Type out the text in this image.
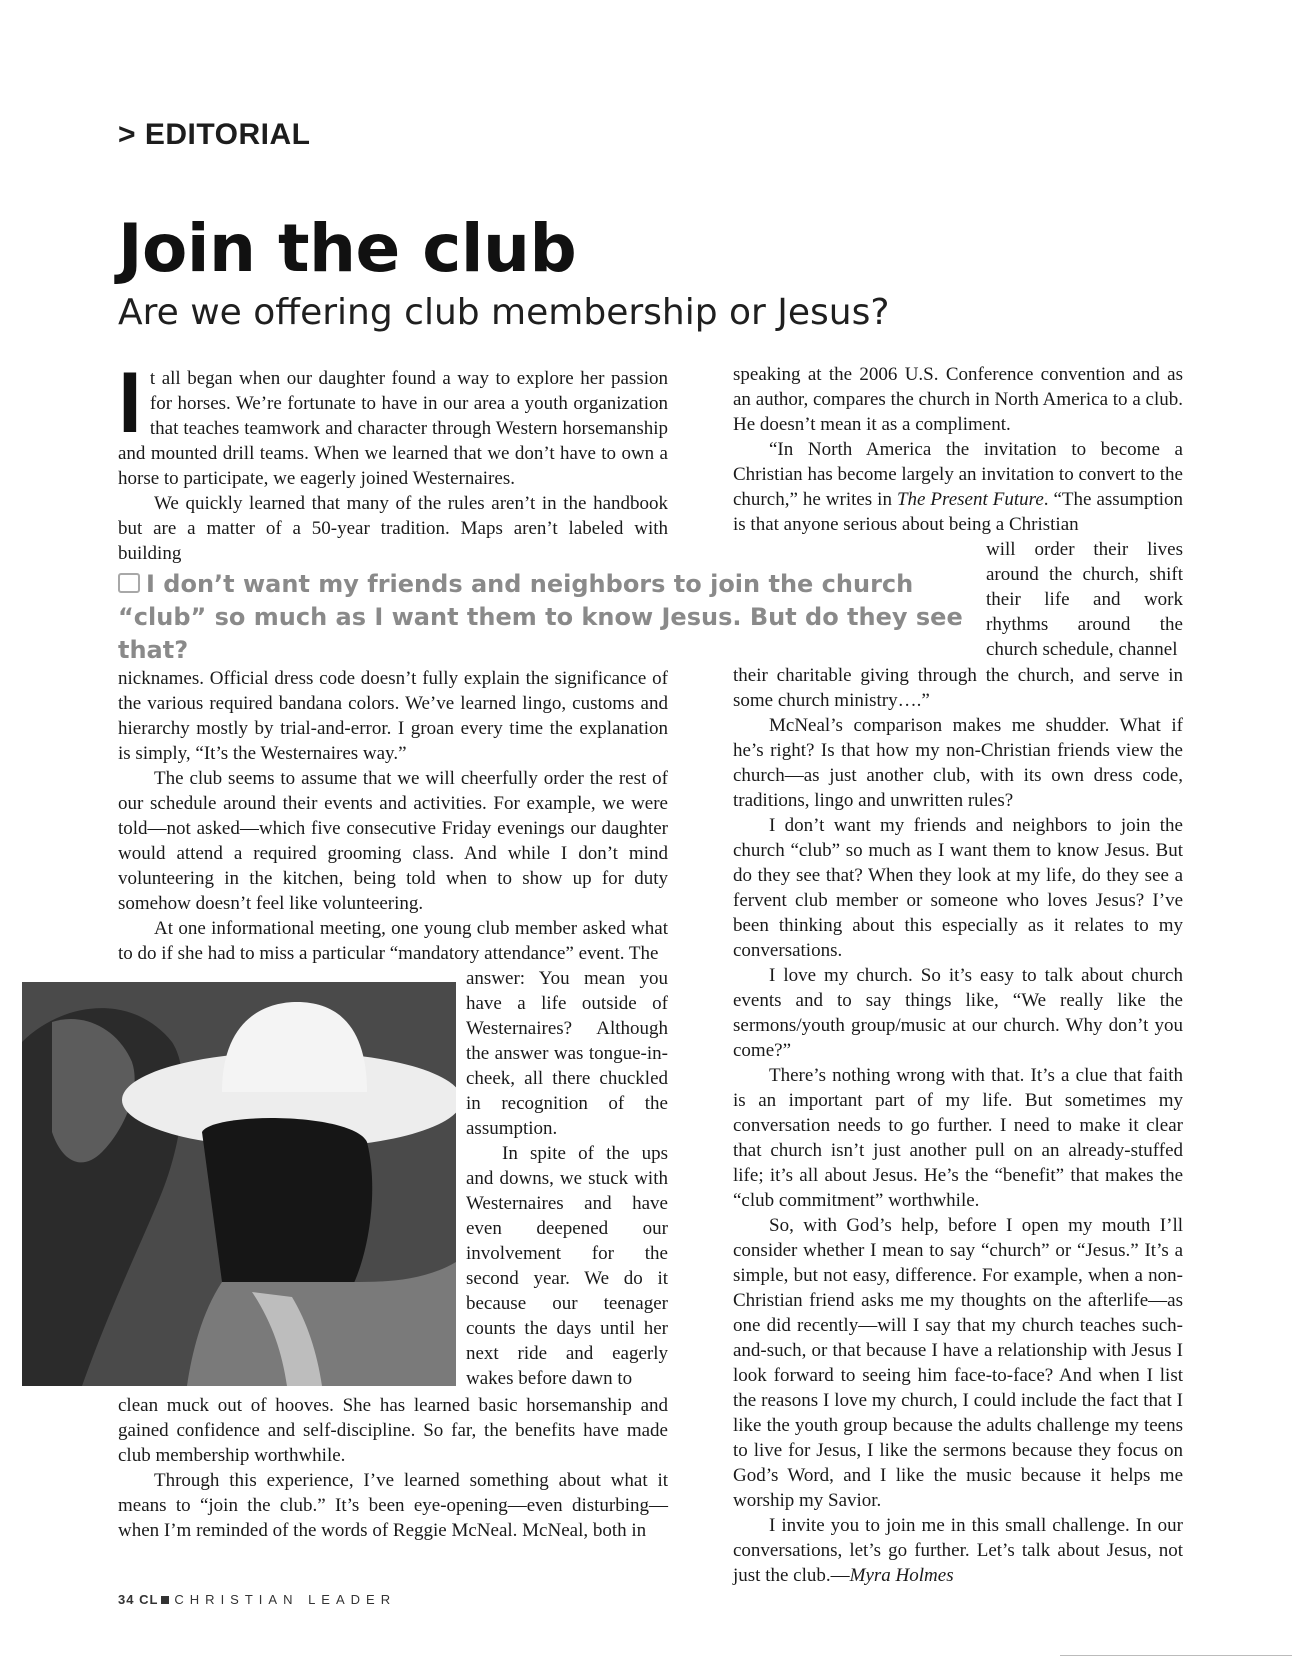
> EDITORIAL
Join the club
Are we offering club membership or Jesus?

It all began when our daughter found a way to explore her passion for horses. We’re fortunate to have in our area a youth organization that teaches teamwork and character through Western horsemanship and mounted drill teams. When we learned that we don’t have to own a horse to participate, we eagerly joined Westernaires.

We quickly learned that many of the rules aren’t in the handbook but are a matter of a 50-year tradition. Maps aren’t labeled with building

I don’t want my friends and neighbors to join the church “club” so much as I want them to know Jesus. But do they see that?

nicknames. Official dress code doesn’t fully explain the significance of the various required bandana colors. We’ve learned lingo, customs and hierarchy mostly by trial-and-error. I groan every time the explanation is simply, “It’s the Westernaires way.”

The club seems to assume that we will cheerfully order the rest of our schedule around their events and activities. For example, we were told—not asked—which five consecutive Friday evenings our daughter would attend a required grooming class. And while I don’t mind volunteering in the kitchen, being told when to show up for duty somehow doesn’t feel like volunteering.

At one informational meeting, one young club member asked what to do if she had to miss a particular “mandatory attendance” event. The

answer: You mean you have a life outside of Westernaires? Although the answer was tongue-in-cheek, all there chuckled in recognition of the assumption.

In spite of the ups and downs, we stuck with Westernaires and have even deepened our involvement for the second year. We do it because our teenager counts the days until her next ride and eagerly wakes before dawn to

clean muck out of hooves. She has learned basic horsemanship and gained confidence and self-discipline. So far, the benefits have made club membership worthwhile.

Through this experience, I’ve learned something about what it means to “join the club.” It’s been eye-opening—even disturbing—when I’m reminded of the words of Reggie McNeal. McNeal, both in

speaking at the 2006 U.S. Conference convention and as an author, compares the church in North America to a club. He doesn’t mean it as a compliment.

“In North America the invitation to become a Christian has become largely an invitation to convert to the church,” he writes in The Present Future. “The assumption is that anyone serious about being a Christian

will order their lives around the church, shift their life and work rhythms around the church schedule, channel

their charitable giving through the church, and serve in some church ministry….”

McNeal’s comparison makes me shudder. What if he’s right? Is that how my non-Christian friends view the church—as just another club, with its own dress code, traditions, lingo and unwritten rules?

I don’t want my friends and neighbors to join the church “club” so much as I want them to know Jesus. But do they see that? When they look at my life, do they see a fervent club member or someone who loves Jesus? I’ve been thinking about this especially as it relates to my conversations.

I love my church. So it’s easy to talk about church events and to say things like, “We really like the sermons/youth group/music at our church. Why don’t you come?”

There’s nothing wrong with that. It’s a clue that faith is an important part of my life. But sometimes my conversation needs to go further. I need to make it clear that church isn’t just another pull on an already-stuffed life; it’s all about Jesus. He’s the “benefit” that makes the “club commitment” worthwhile.

So, with God’s help, before I open my mouth I’ll consider whether I mean to say “church” or “Jesus.” It’s a simple, but not easy, difference. For example, when a non-Christian friend asks me my thoughts on the afterlife—as one did recently—will I say that my church teaches such-and-such, or that because I have a relationship with Jesus I look forward to seeing him face-to-face? And when I list the reasons I love my church, I could include the fact that I like the youth group because the adults challenge my teens to live for Jesus, I like the sermons because they focus on God’s Word, and I like the music because it helps me worship my Savior.

I invite you to join me in this small challenge. In our conversations, let’s go further. Let’s talk about Jesus, not just the club.—Myra Holmes

34 CL CHRISTIAN LEADER
